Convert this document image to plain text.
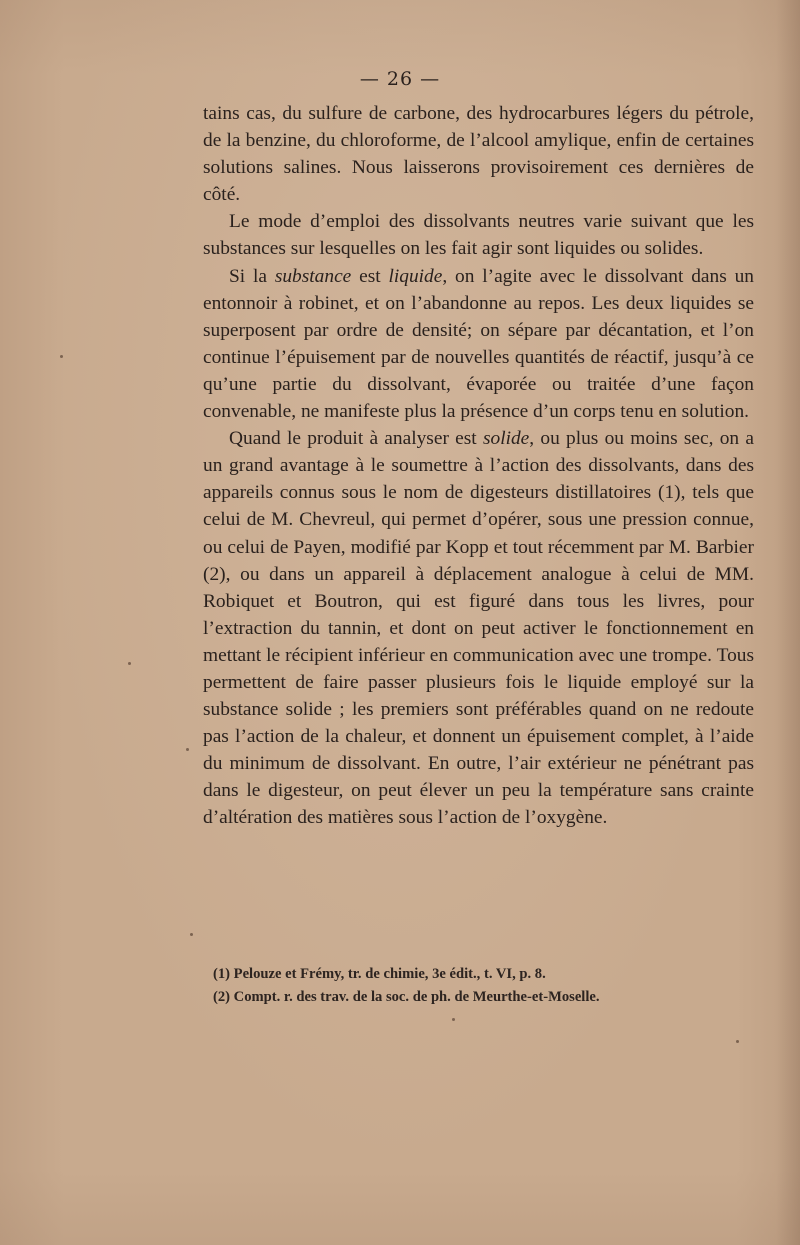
— 26 —

tains cas, du sulfure de carbone, des hydrocarbures légers du pétrole, de la benzine, du chloroforme, de l’alcool amylique, enfin de certaines solutions salines. Nous laisserons provisoirement ces dernières de côté.

Le mode d’emploi des dissolvants neutres varie suivant que les substances sur lesquelles on les fait agir sont liquides ou solides.

Si la substance est liquide, on l’agite avec le dissolvant dans un entonnoir à robinet, et on l’abandonne au repos. Les deux liquides se superposent par ordre de densité; on sépare par décantation, et l’on continue l’épuisement par de nouvelles quantités de réactif, jusqu’à ce qu’une partie du dissolvant, évaporée ou traitée d’une façon convenable, ne manifeste plus la présence d’un corps tenu en solution.

Quand le produit à analyser est solide, ou plus ou moins sec, on a un grand avantage à le soumettre à l’action des dissolvants, dans des appareils connus sous le nom de digesteurs distillatoires (1), tels que celui de M. Chevreul, qui permet d’opérer, sous une pression connue, ou celui de Payen, modifié par Kopp et tout récemment par M. Barbier (2), ou dans un appareil à déplacement analogue à celui de MM. Robiquet et Boutron, qui est figuré dans tous les livres, pour l’extraction du tannin, et dont on peut activer le fonctionnement en mettant le récipient inférieur en communication avec une trompe. Tous permettent de faire passer plusieurs fois le liquide employé sur la substance solide ; les premiers sont préférables quand on ne redoute pas l’action de la chaleur, et donnent un épuisement complet, à l’aide du minimum de dissolvant. En outre, l’air extérieur ne pénétrant pas dans le digesteur, on peut élever un peu la température sans crainte d’altération des matières sous l’action de l’oxygène.

(1) Pelouze et Frémy, tr. de chimie, 3e édit., t. VI, p. 8.

(2) Compt. r. des trav. de la soc. de ph. de Meurthe-et-Moselle.
